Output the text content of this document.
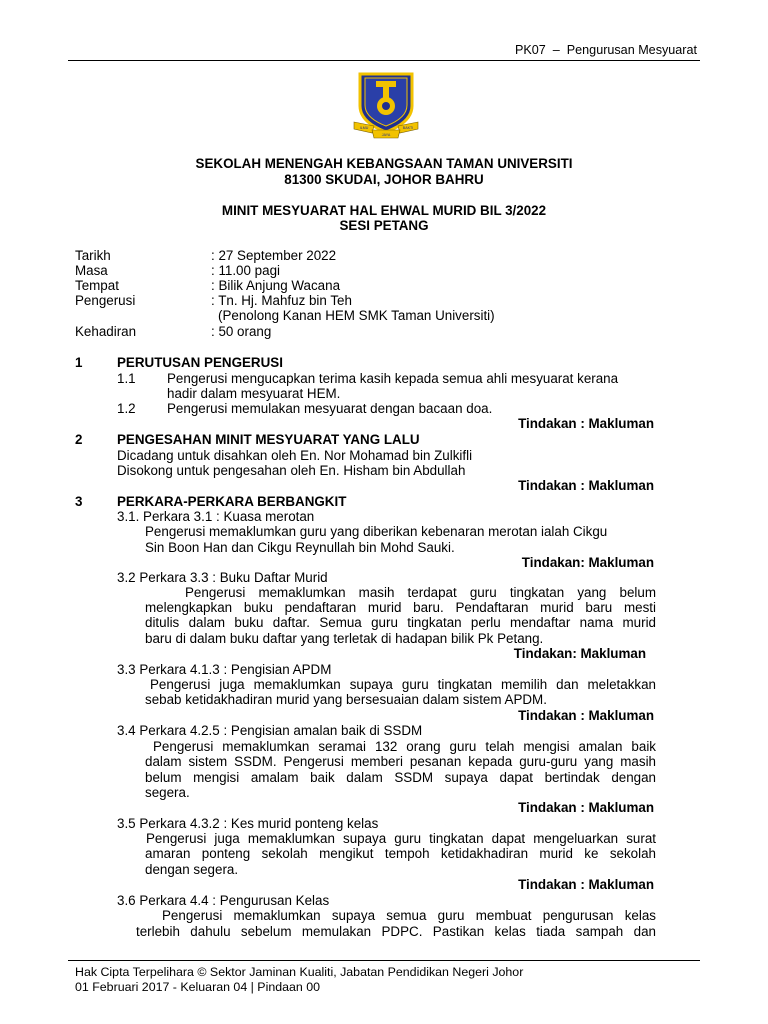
PK07  –  Pengurusan Mesyuarat
ILMU	BAKTI
JAYA
SEKOLAH MENENGAH KEBANGSAAN TAMAN UNIVERSITI
81300 SKUDAI, JOHOR BAHRU
MINIT MESYUARAT HAL EHWAL MURID BIL 3/2022
SESI PETANG
Tarikh	: 27 September 2022
Masa	: 11.00 pagi
Tempat	: Bilik Anjung Wacana
Pengerusi	: Tn. Hj. Mahfuz bin Teh
(Penolong Kanan HEM SMK Taman Universiti)
Kehadiran	: 50 orang
1	PERUTUSAN PENGERUSI
1.1 Pengerusi mengucapkan terima kasih kepada semua ahli mesyuarat kerana
hadir dalam mesyuarat HEM.
1.2 Pengerusi memulakan mesyuarat dengan bacaan doa.
Tindakan : Makluman
2	PENGESAHAN MINIT MESYUARAT YANG LALU
Dicadang untuk disahkan oleh En. Nor Mohamad bin Zulkifli
Disokong untuk pengesahan oleh En. Hisham bin Abdullah
Tindakan : Makluman
3	PERKARA-PERKARA BERBANGKIT
3.1. Perkara 3.1 : Kuasa merotan
Pengerusi memaklumkan guru yang diberikan kebenaran merotan ialah Cikgu
Sin Boon Han dan Cikgu Reynullah bin Mohd Sauki.
Tindakan: Makluman
3.2 Perkara 3.3 : Buku Daftar Murid
Pengerusi memaklumkan masih terdapat guru tingkatan yang belum
melengkapkan buku pendaftaran murid baru. Pendaftaran murid baru mesti
ditulis dalam buku daftar. Semua guru tingkatan perlu mendaftar nama murid
baru di dalam buku daftar yang terletak di hadapan bilik Pk Petang.
Tindakan: Makluman
3.3 Perkara 4.1.3 : Pengisian APDM
Pengerusi juga memaklumkan supaya guru tingkatan memilih dan meletakkan
sebab ketidakhadiran murid yang bersesuaian dalam sistem APDM.
Tindakan : Makluman
3.4 Perkara 4.2.5 : Pengisian amalan baik di SSDM
Pengerusi memaklumkan seramai 132 orang guru telah mengisi amalan baik
dalam sistem SSDM. Pengerusi memberi pesanan kepada guru-guru yang masih
belum mengisi amalam baik dalam SSDM supaya dapat bertindak dengan
segera.
Tindakan : Makluman
3.5 Perkara 4.3.2 : Kes murid ponteng kelas
Pengerusi juga memaklumkan supaya guru tingkatan dapat mengeluarkan surat
amaran ponteng sekolah mengikut tempoh ketidakhadiran murid ke sekolah
dengan segera.
Tindakan : Makluman
3.6 Perkara 4.4 : Pengurusan Kelas
Pengerusi memaklumkan supaya semua guru membuat pengurusan kelas
terlebih dahulu sebelum memulakan PDPC. Pastikan kelas tiada sampah dan
Hak Cipta Terpelihara © Sektor Jaminan Kualiti, Jabatan Pendidikan Negeri Johor
01 Februari 2017 - Keluaran 04 | Pindaan 00
